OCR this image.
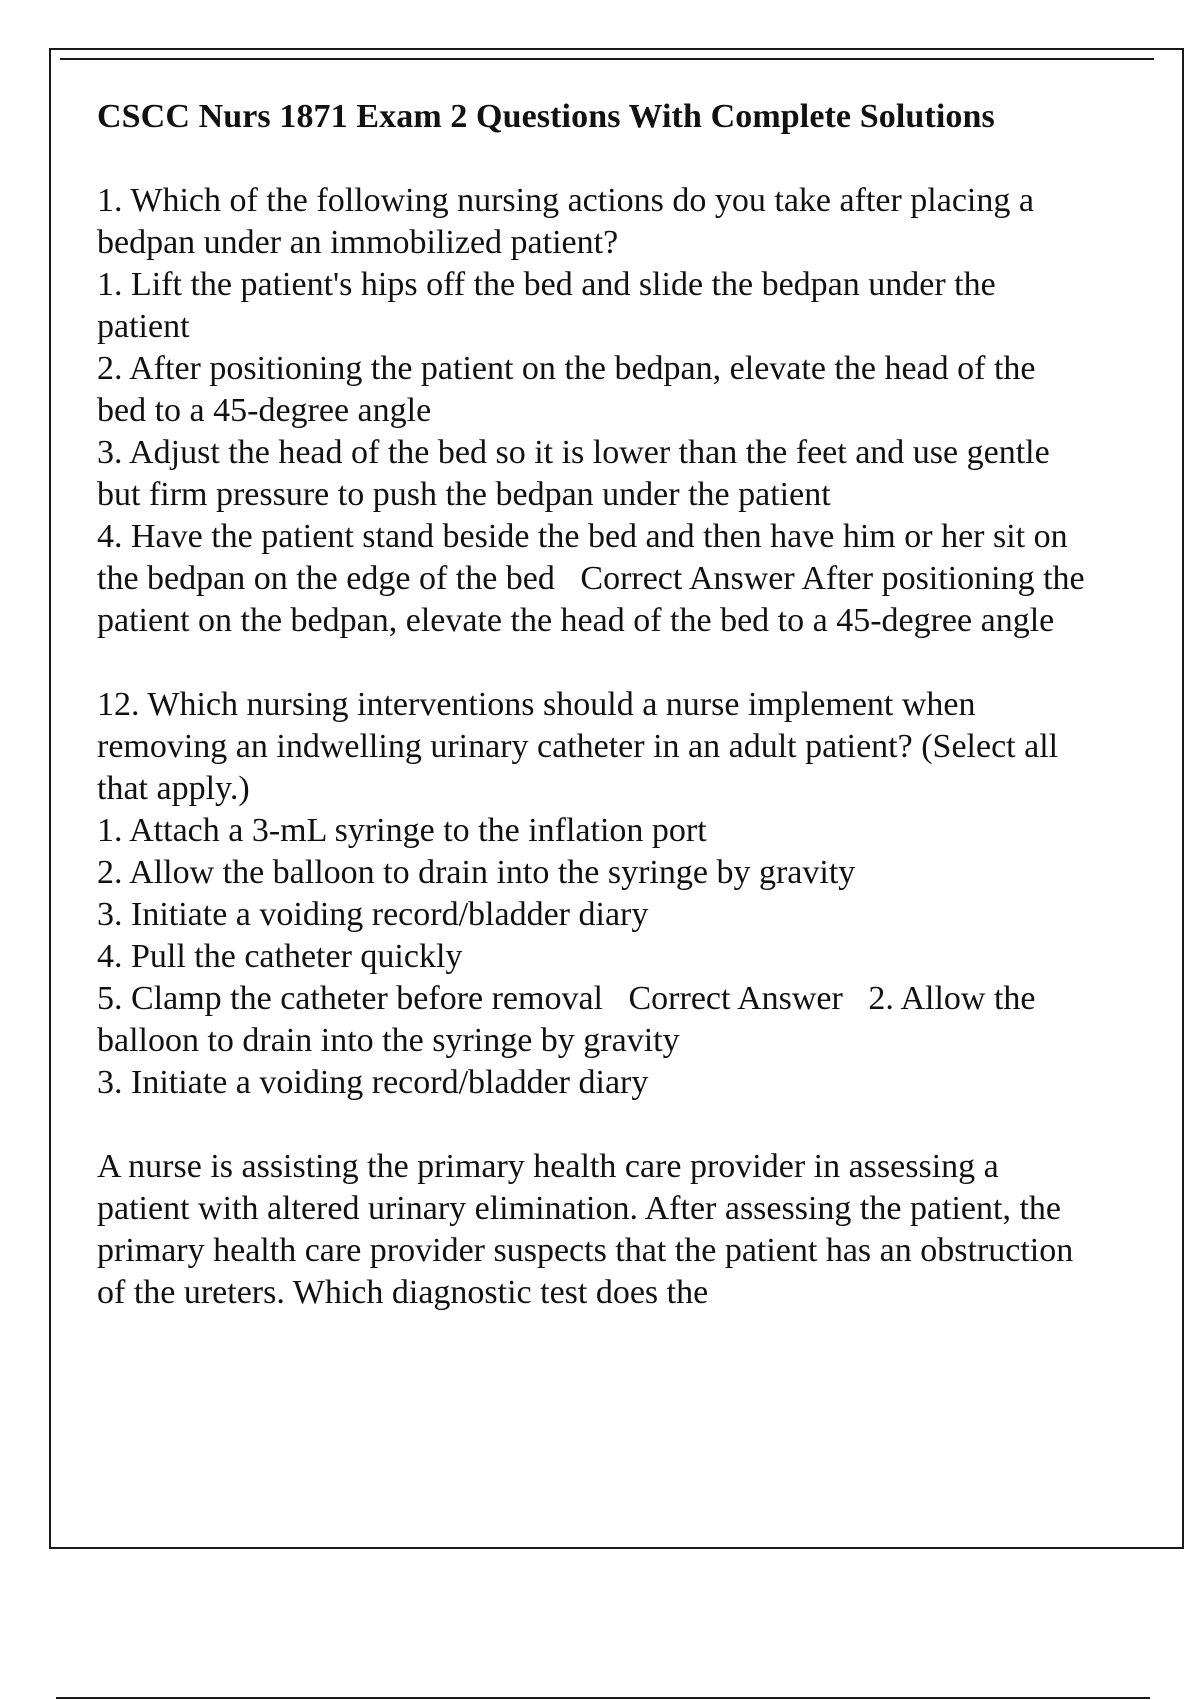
CSCC Nurs 1871 Exam 2 Questions With Complete Solutions

1. Which of the following nursing actions do you take after placing a bedpan under an immobilized patient?

1. Lift the patient's hips off the bed and slide the bedpan under the patient

2. After positioning the patient on the bedpan, elevate the head of the bed to a 45-degree angle

3. Adjust the head of the bed so it is lower than the feet and use gentle but firm pressure to push the bedpan under the patient

4. Have the patient stand beside the bed and then have him or her sit on the bedpan on the edge of the bed   Correct Answer After positioning the patient on the bedpan, elevate the head of the bed to a 45-degree angle

12. Which nursing interventions should a nurse implement when removing an indwelling urinary catheter in an adult patient? (Select all that apply.)

1. Attach a 3-mL syringe to the inflation port

2. Allow the balloon to drain into the syringe by gravity

3. Initiate a voiding record/bladder diary

4. Pull the catheter quickly

5. Clamp the catheter before removal   Correct Answer   2. Allow the balloon to drain into the syringe by gravity

3. Initiate a voiding record/bladder diary

A nurse is assisting the primary health care provider in assessing a patient with altered urinary elimination. After assessing the patient, the primary health care provider suspects that the patient has an obstruction of the ureters. Which diagnostic test does the
